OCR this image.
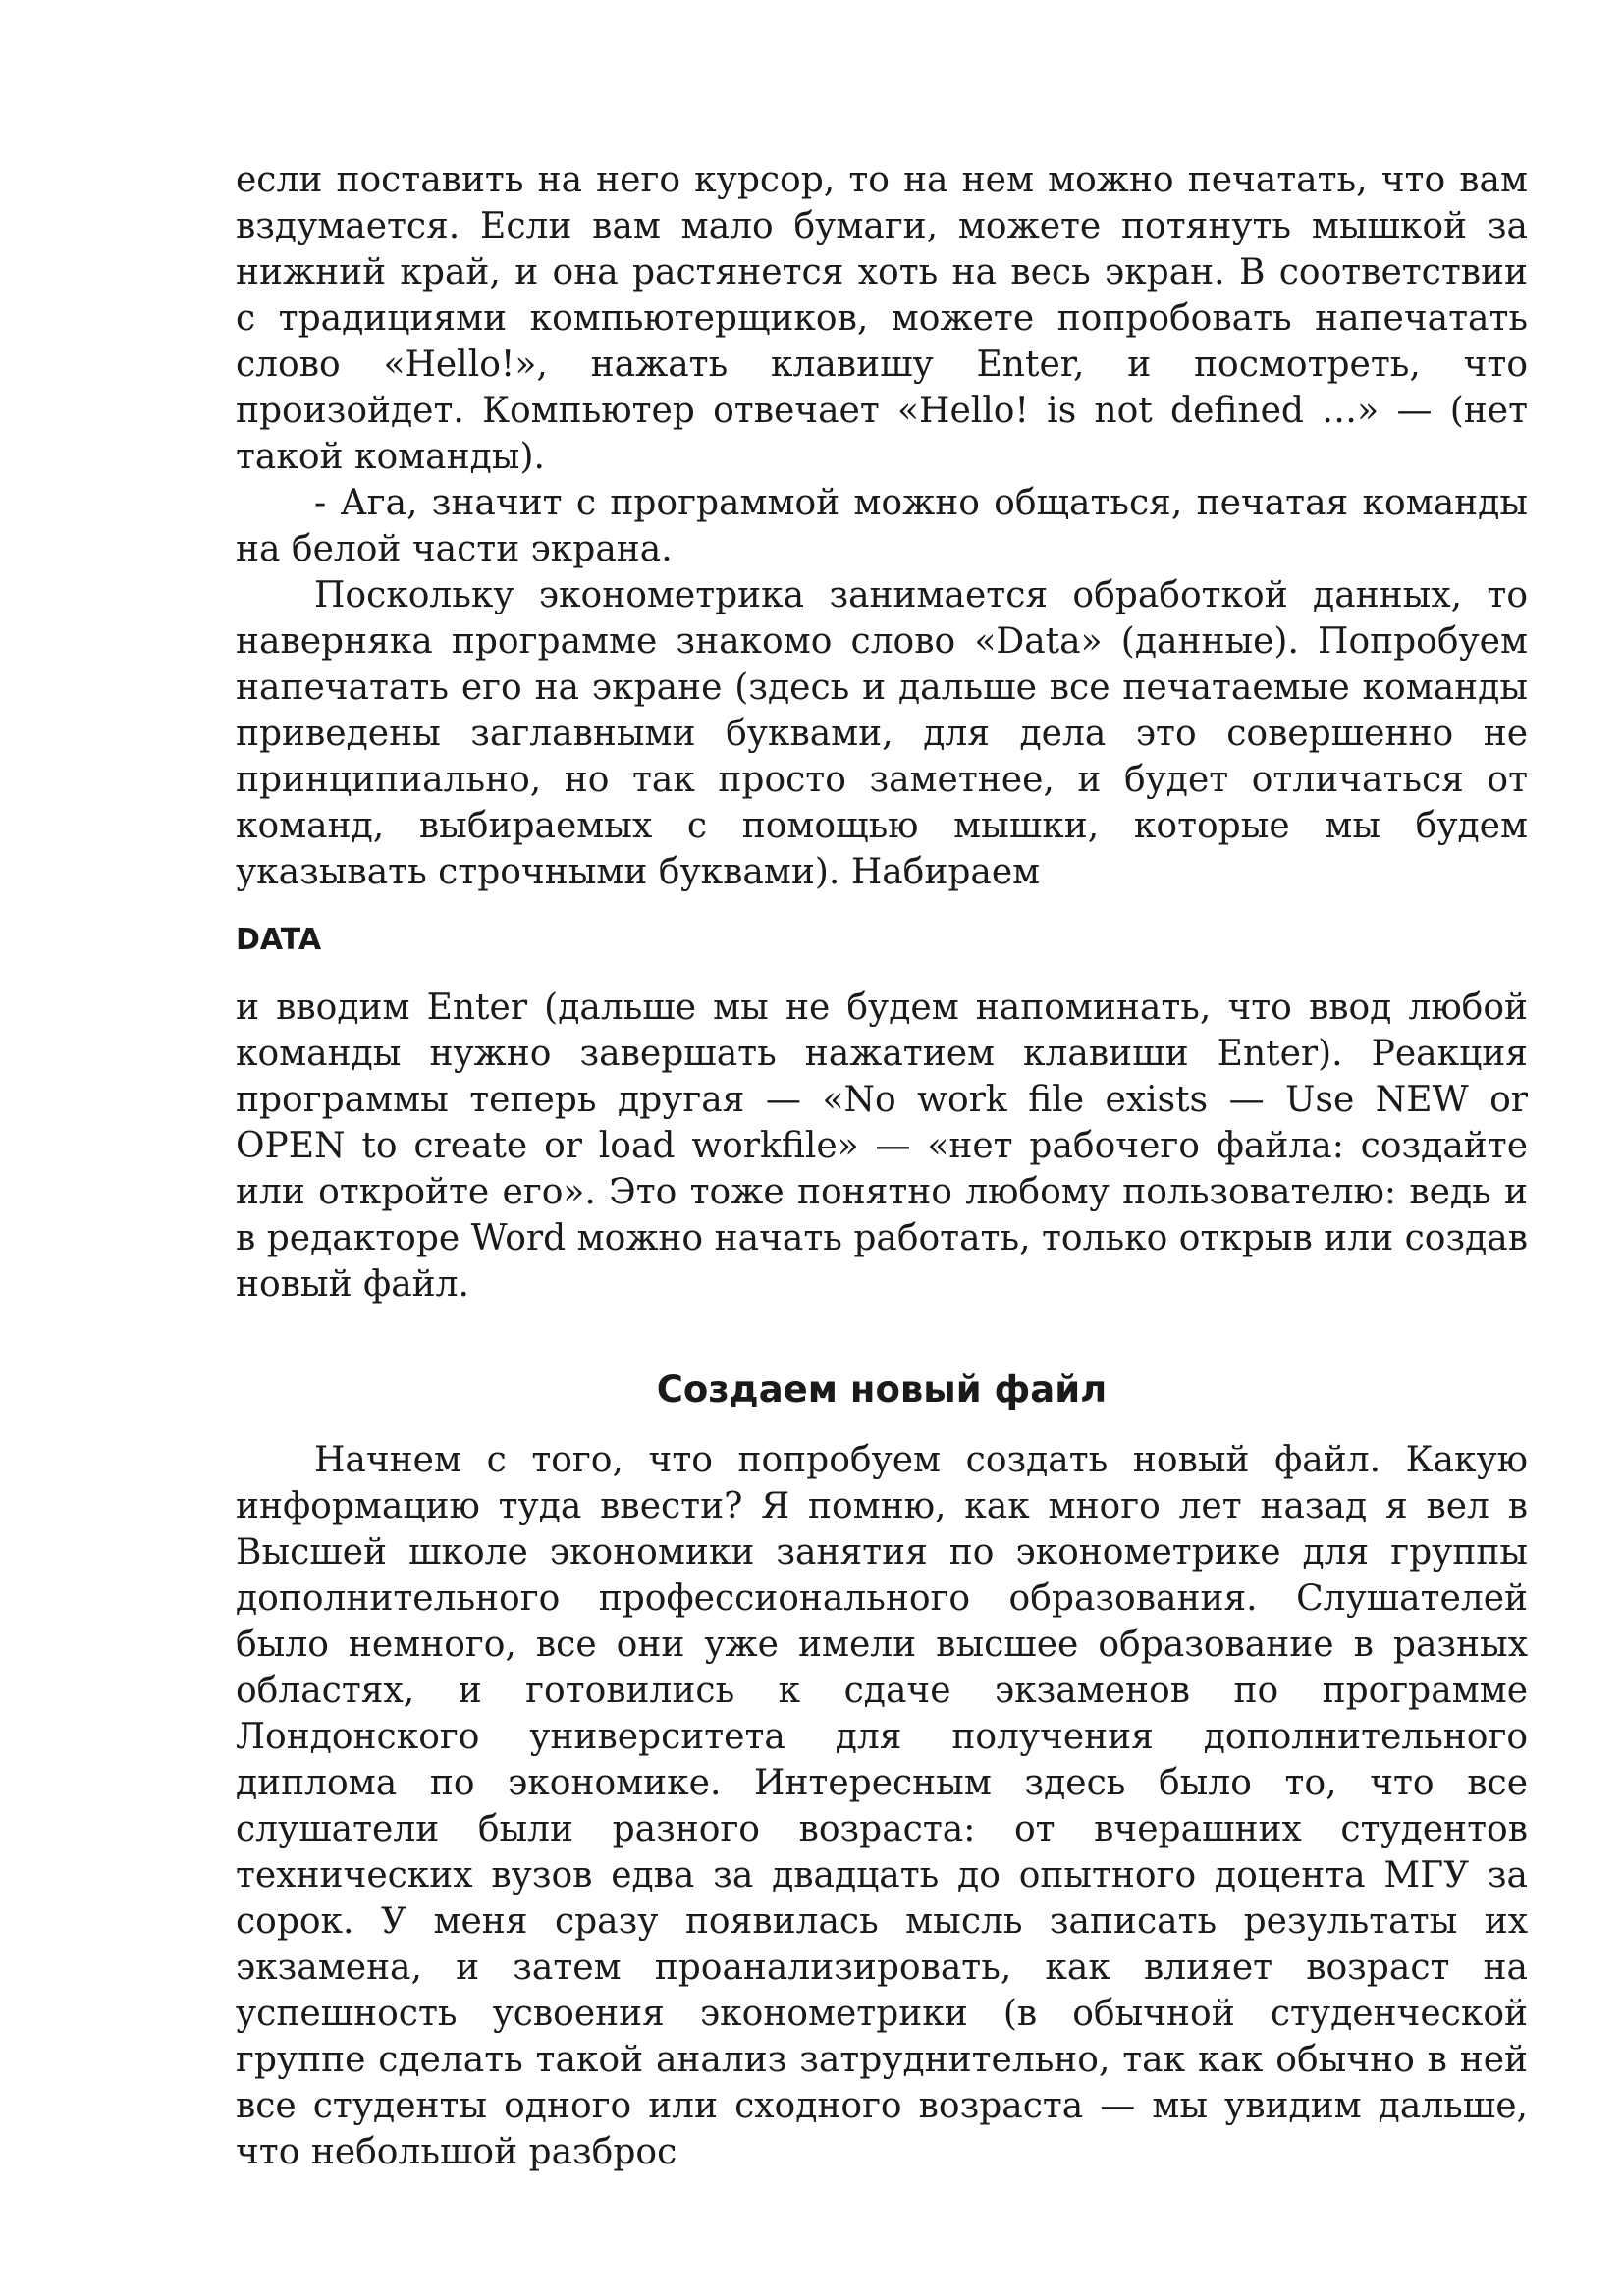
если поставить на него курсор, то на нем можно печатать, что вам вздумается. Если вам мало бумаги, можете потянуть мышкой за нижний край, и она растянется хоть на весь экран. В соответствии с традициями компьютерщиков, можете попробовать напечатать слово «Hello!», нажать клавишу Enter, и посмотреть, что произойдет. Компьютер отвечает «Hello! is not defined …» — (нет такой команды).

- Ага, значит с программой можно общаться, печатая команды на белой части экрана.

Поскольку эконометрика занимается обработкой данных, то наверняка программе знакомо слово «Data» (данные). Попробуем напечатать его на экране (здесь и дальше все печатаемые команды приведены заглавными буквами, для дела это совершенно не принципиально, но так просто заметнее, и будет отличаться от команд, выбираемых с помощью мышки, которые мы будем указывать строчными буквами). Набираем

DATA

и вводим Enter (дальше мы не будем напоминать, что ввод любой команды нужно завершать нажатием клавиши Enter). Реакция программы теперь другая — «No work file exists — Use NEW or OPEN to create or load workfile» — «нет рабочего файла: создайте или откройте его». Это тоже понятно любому пользователю: ведь и в редакторе Word можно начать работать, только открыв или создав новый файл.

Создаем новый файл

Начнем с того, что попробуем создать новый файл. Какую информацию туда ввести? Я помню, как много лет назад я вел в Высшей школе экономики занятия по эконометрике для группы дополнительного профессионального образования. Слушателей было немного, все они уже имели высшее образование в разных областях, и готовились к сдаче экзаменов по программе Лондонского университета для получения дополнительного диплома по экономике. Интересным здесь было то, что все слушатели были разного возраста: от вчерашних студентов технических вузов едва за двадцать до опытного доцента МГУ за сорок. У меня сразу появилась мысль записать результаты их экзамена, и затем проанализировать, как влияет возраст на успешность усвоения эконометрики (в обычной студенческой группе сделать такой анализ затруднительно, так как обычно в ней все студенты одного или сходного возраста — мы увидим дальше, что небольшой разброс
